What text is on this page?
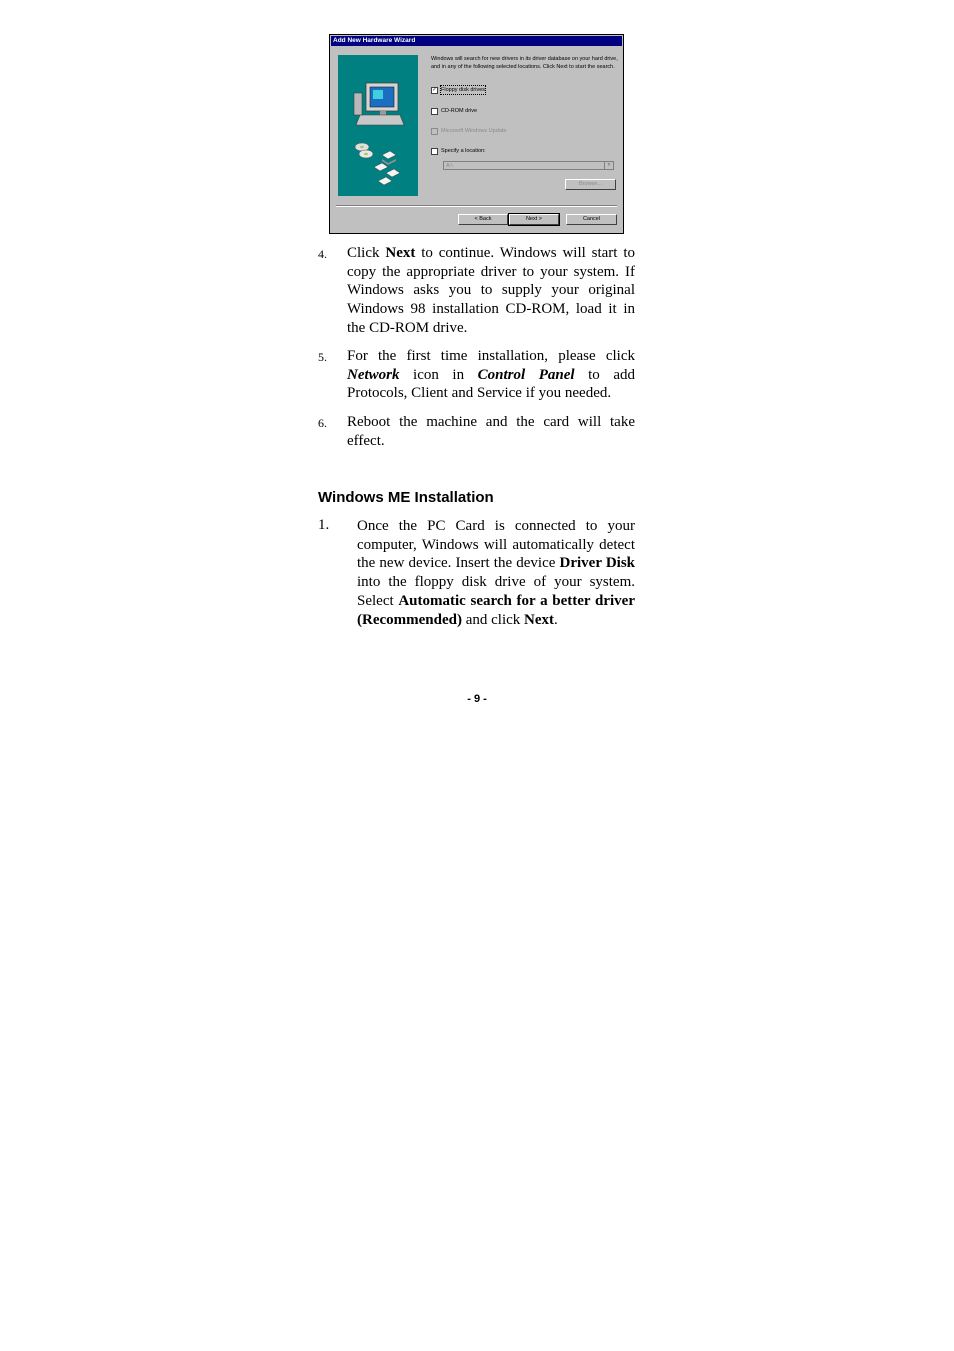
Add New Hardware Wizard
Windows will search for new drivers in its driver database on your hard drive, and in any of the following selected locations. Click Next to start the search.
✓ Floppy disk drives
CD-ROM drive
Microsoft Windows Update
Specify a location:
A:\	▼
Browse...
< Back	Next >	Cancel
4. Click Next to continue. Windows will start to copy the appropriate driver to your system. If Windows asks you to supply your original Windows 98 installation CD-ROM, load it in the CD-ROM drive.
5. For the first time installation, please click Network icon in Control Panel to add Protocols, Client and Service if you needed.
6. Reboot the machine and the card will take effect.
Windows ME Installation
1. Once the PC Card is connected to your computer, Windows will automatically detect the new device. Insert the device Driver Disk into the floppy disk drive of your system. Select Automatic search for a better driver (Recommended) and click Next.
- 9 -
